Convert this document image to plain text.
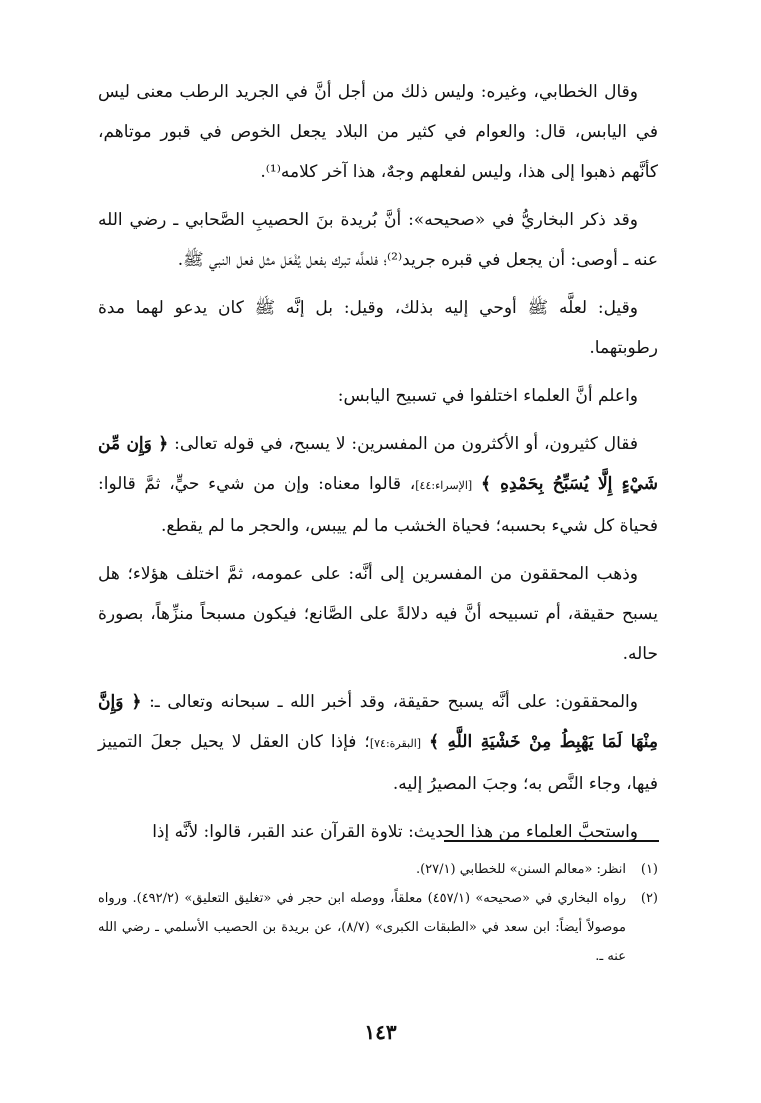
وقال الخطابي، وغيره: وليس ذلك من أجل أنَّ في الجريد الرطب معنى ليس في اليابس، قال: والعوام في كثير من البلاد يجعل الخوص في قبور موتاهم، كأنَّهم ذهبوا إلى هذا، وليس لفعلهم وجهٌ، هذا آخر كلامه⁽¹⁾.

وقد ذكر البخاريُّ في «صحيحه»: أنَّ بُريدة بنَ الحصيبِ الصَّحابي ـ رضي الله عنه ـ أوصى: أن يجعل في قبره جريد⁽²⁾؛ فلعلَّه تبرك بفعل يُفْعَل مثل فعل النبي ﷺ.

وقيل: لعلَّه ﷺ أوحي إليه بذلك، وقيل: بل إنَّه ﷺ كان يدعو لهما مدة رطوبتهما.

واعلم أنَّ العلماء اختلفوا في تسبيح اليابس:

فقال كثيرون، أو الأكثرون من المفسرين: لا يسبح، في قوله تعالى: ﴿ وَإِن مِّن شَيْءٍ إِلَّا يُسَبِّحُ بِحَمْدِهِ ﴾ [الإسراء:٤٤]، قالوا معناه: وإن من شيء حيٍّ، ثمَّ قالوا: فحياة كل شيء بحسبه؛ فحياة الخشب ما لم ييبس، والحجر ما لم يقطع.

وذهب المحققون من المفسرين إلى أنَّه: على عمومه، ثمَّ اختلف هؤلاء؛ هل يسبح حقيقة، أم تسبيحه أنَّ فيه دلالةً على الصَّانع؛ فيكون مسبحاً منزِّهاً، بصورة حاله.

والمحققون: على أنَّه يسبح حقيقة، وقد أخبر الله ـ سبحانه وتعالى ـ: ﴿ وَإِنَّ مِنْهَا لَمَا يَهْبِطُ مِنْ خَشْيَةِ اللَّهِ ﴾ [البقرة:٧٤]؛ فإذا كان العقل لا يحيل جعلَ التمييز فيها، وجاء النَّص به؛ وجبَ المصيرُ إليه.

واستحبَّ العلماء من هذا الحديث: تلاوة القرآن عند القبر، قالوا: لأنَّه إذا

(١)
انظر: «معالم السنن» للخطابي (٢٧/١).
(٢)
رواه البخاري في «صحيحه» (٤٥٧/١) معلقاً، ووصله ابن حجر في «تغليق التعليق» (٤٩٢/٢). ورواه موصولاً أيضاً: ابن سعد في «الطبقات الكبرى» (٨/٧)، عن بريدة بن الحصيب الأسلمي ـ رضي الله عنه ـ.
١٤٣
